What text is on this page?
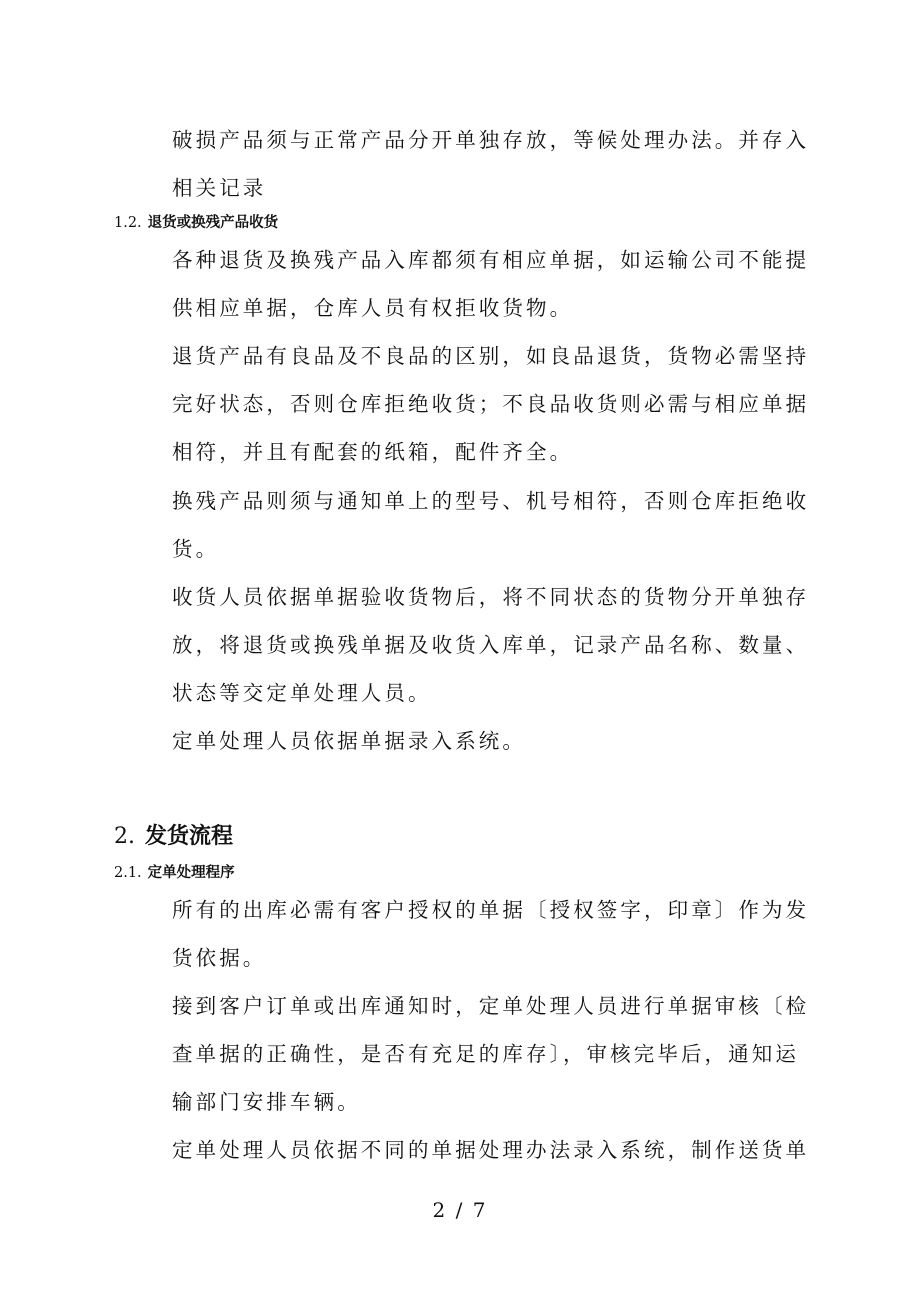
破损产品须与正常产品分开单独存放，等候处理办法。并存入相关记录

1.2. 退货或换残产品收货

各种退货及换残产品入库都须有相应单据，如运输公司不能提供相应单据，仓库人员有权拒收货物。

退货产品有良品及不良品的区别，如良品退货，货物必需坚持完好状态，否则仓库拒绝收货；不良品收货则必需与相应单据相符，并且有配套的纸箱，配件齐全。

换残产品则须与通知单上的型号、机号相符，否则仓库拒绝收货。

收货人员依据单据验收货物后，将不同状态的货物分开单独存放，将退货或换残单据及收货入库单，记录产品名称、数量、状态等交定单处理人员。

定单处理人员依据单据录入系统。

2. 发货流程
2.1. 定单处理程序

所有的出库必需有客户授权的单据〔授权签字，印章〕作为发货依据。

接到客户订单或出库通知时，定单处理人员进行单据审核〔检查单据的正确性，是否有充足的库存〕，审核完毕后，通知运输部门安排车辆。

定单处理人员依据不同的单据处理办法录入系统，制作送货单

2 / 7
